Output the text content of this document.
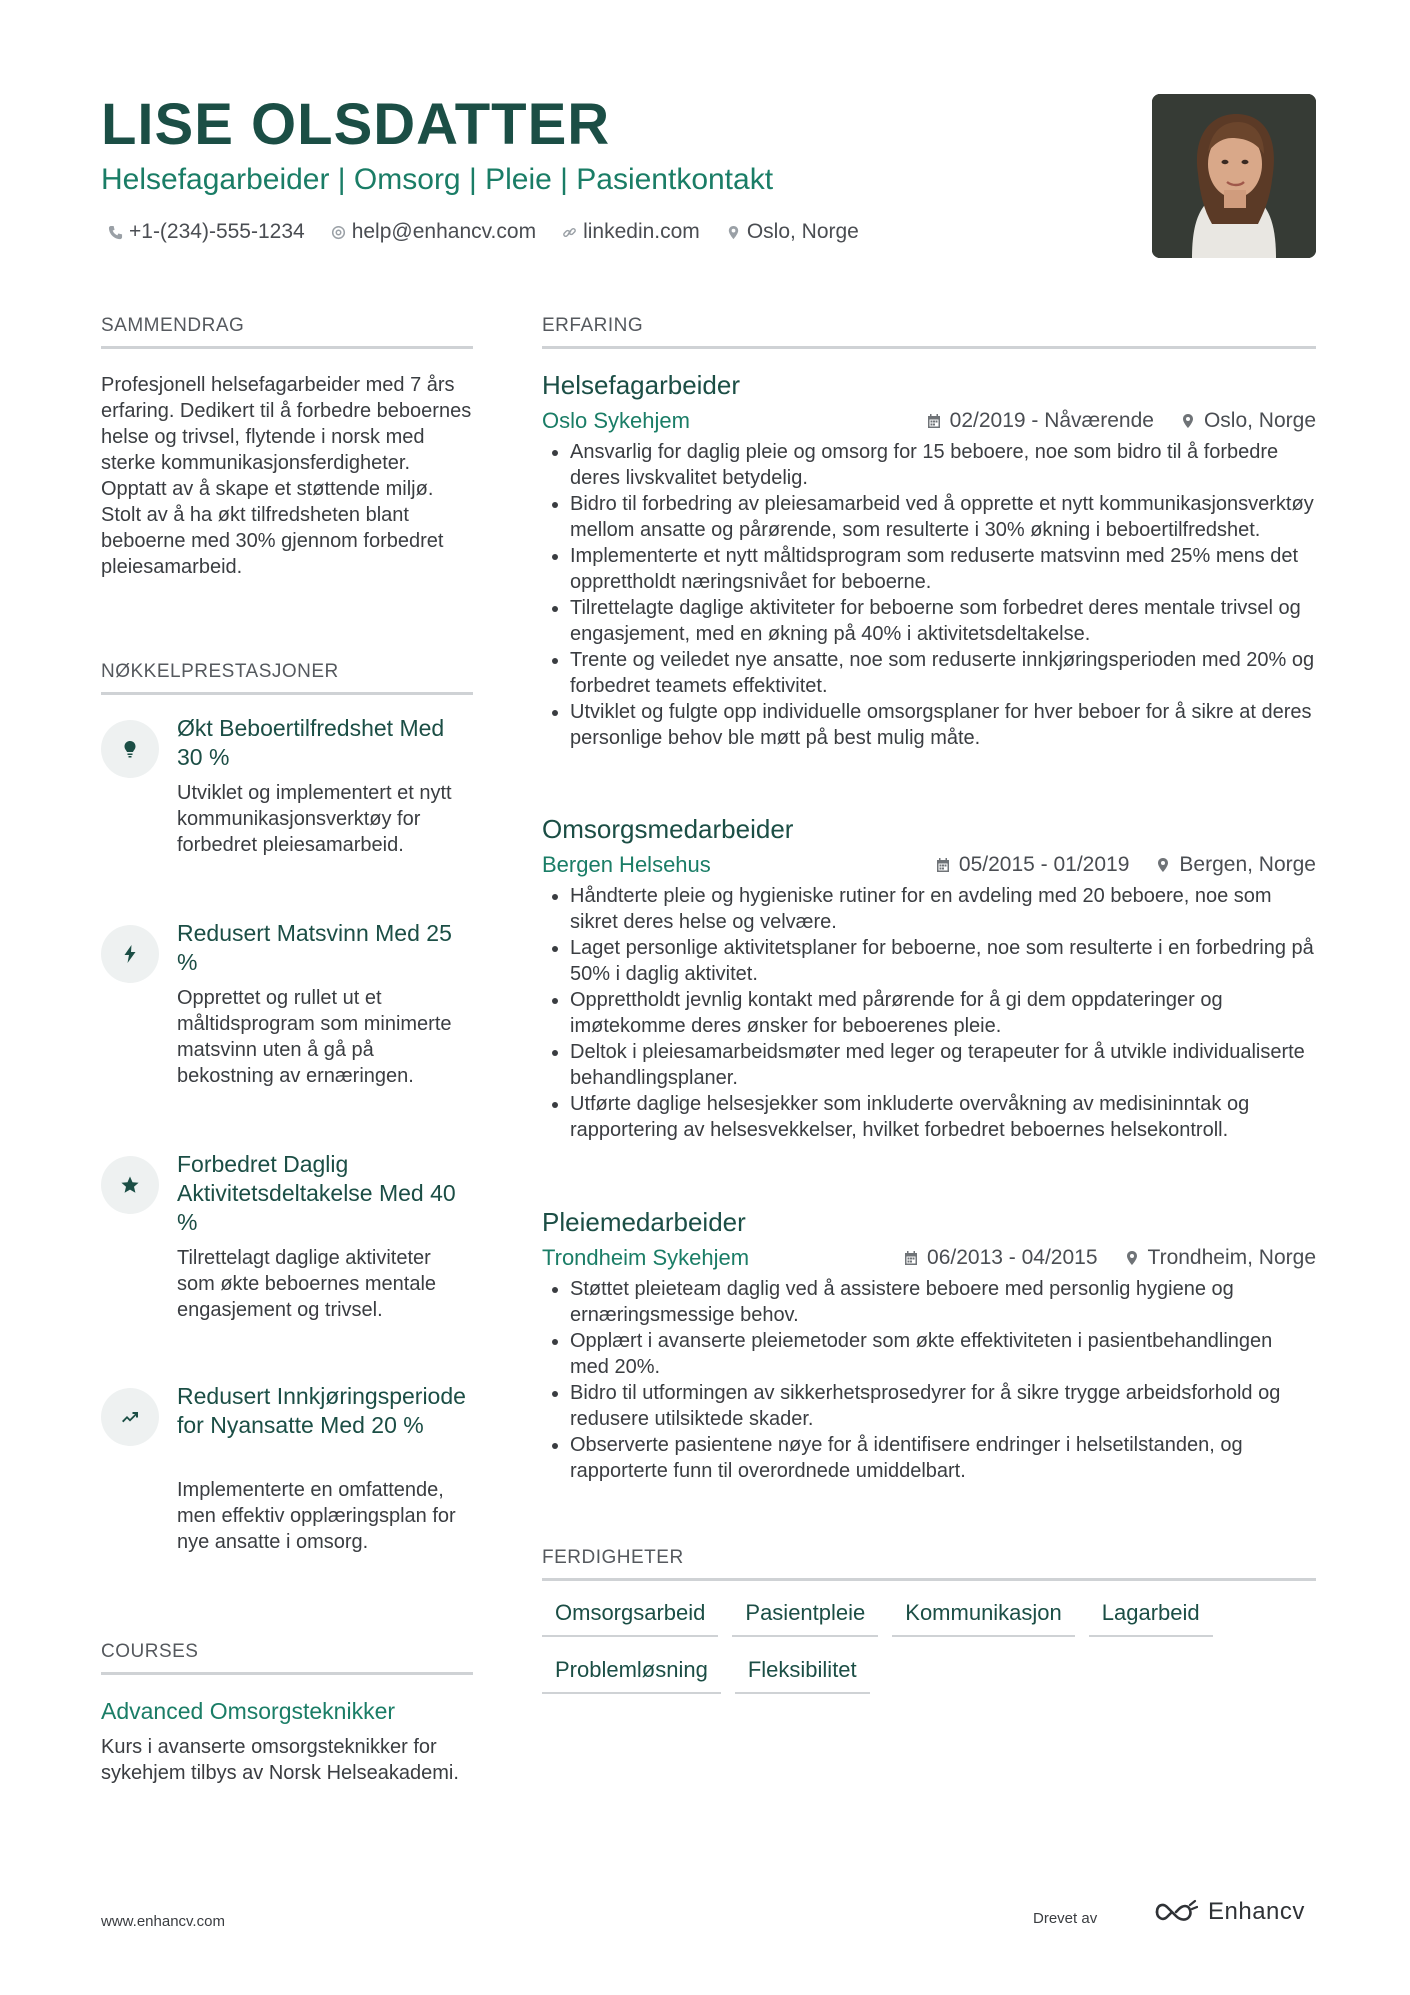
LISE OLSDATTER
Helsefagarbeider | Omsorg | Pleie | Pasientkontakt
+1-(234)-555-1234 help@enhancv.com linkedin.com Oslo, Norge
SAMMENDRAG
Profesjonell helsefagarbeider med 7 års erfaring. Dedikert til å forbedre beboernes helse og trivsel, flytende i norsk med sterke kommunikasjonsferdigheter. Opptatt av å skape et støttende miljø. Stolt av å ha økt tilfredsheten blant beboerne med 30% gjennom forbedret pleiesamarbeid.
NØKKELPRESTASJONER
Økt Beboertilfredshet Med 30 %
Utviklet og implementert et nytt kommunikasjonsverktøy for forbedret pleiesamarbeid.
Redusert Matsvinn Med 25 %
Opprettet og rullet ut et måltidsprogram som minimerte matsvinn uten å gå på bekostning av ernæringen.
Forbedret Daglig Aktivitetsdeltakelse Med 40 %
Tilrettelagt daglige aktiviteter som økte beboernes mentale engasjement og trivsel.
Redusert Innkjøringsperiode for Nyansatte Med 20 %
Implementerte en omfattende, men effektiv opplæringsplan for nye ansatte i omsorg.
COURSES
Advanced Omsorgsteknikker
Kurs i avanserte omsorgsteknikker for sykehjem tilbys av Norsk Helseakademi.
ERFARING
Helsefagarbeider
Oslo Sykehjem	02/2019 - Nåværende Oslo, Norge
Ansvarlig for daglig pleie og omsorg for 15 beboere, noe som bidro til å forbedre deres livskvalitet betydelig.
Bidro til forbedring av pleiesamarbeid ved å opprette et nytt kommunikasjonsverktøy mellom ansatte og pårørende, som resulterte i 30% økning i beboertilfredshet.
Implementerte et nytt måltidsprogram som reduserte matsvinn med 25% mens det opprettholdt næringsnivået for beboerne.
Tilrettelagte daglige aktiviteter for beboerne som forbedret deres mentale trivsel og engasjement, med en økning på 40% i aktivitetsdeltakelse.
Trente og veiledet nye ansatte, noe som reduserte innkjøringsperioden med 20% og forbedret teamets effektivitet.
Utviklet og fulgte opp individuelle omsorgsplaner for hver beboer for å sikre at deres personlige behov ble møtt på best mulig måte.
Omsorgsmedarbeider
Bergen Helsehus	05/2015 - 01/2019 Bergen, Norge
Håndterte pleie og hygieniske rutiner for en avdeling med 20 beboere, noe som sikret deres helse og velvære.
Laget personlige aktivitetsplaner for beboerne, noe som resulterte i en forbedring på 50% i daglig aktivitet.
Opprettholdt jevnlig kontakt med pårørende for å gi dem oppdateringer og imøtekomme deres ønsker for beboerenes pleie.
Deltok i pleiesamarbeidsmøter med leger og terapeuter for å utvikle individualiserte behandlingsplaner.
Utførte daglige helsesjekker som inkluderte overvåkning av medisininntak og rapportering av helsesvekkelser, hvilket forbedret beboernes helsekontroll.
Pleiemedarbeider
Trondheim Sykehjem	06/2013 - 04/2015 Trondheim, Norge
Støttet pleieteam daglig ved å assistere beboere med personlig hygiene og ernæringsmessige behov.
Opplært i avanserte pleiemetoder som økte effektiviteten i pasientbehandlingen med 20%.
Bidro til utformingen av sikkerhetsprosedyrer for å sikre trygge arbeidsforhold og redusere utilsiktede skader.
Observerte pasientene nøye for å identifisere endringer i helsetilstanden, og rapporterte funn til overordnede umiddelbart.
FERDIGHETER
Omsorgsarbeid	Pasientpleie	Kommunikasjon	Lagarbeid
Problemløsning	Fleksibilitet
www.enhancv.com	Drevet av	Enhancv
